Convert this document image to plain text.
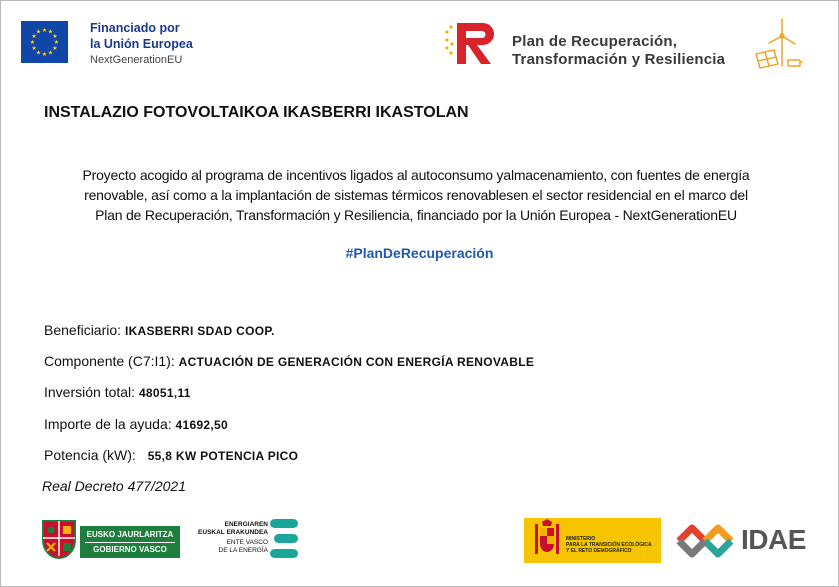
★ ★
★
★
★
★
★
★
★
★
★
★	Financiado por
la Unión Europea
NextGenerationEU
Plan de Recuperación,
Transformación y Resiliencia
INSTALAZIO FOTOVOLTAIKOA IKASBERRI IKASTOLAN
Proyecto acogido al programa de incentivos ligados al autoconsumo yalmacenamiento, con fuentes de energía
renovable, así como a la implantación de sistemas térmicos renovablesen el sector residencial en el marco del
Plan de Recuperación, Transformación y Resiliencia, financiado por la Unión Europea - NextGenerationEU
#PlanDeRecuperación
Beneficiario: IKASBERRI SDAD COOP.
Componente (C7:I1): ACTUACIÓN DE GENERACIÓN CON ENERGÍA RENOVABLE
Inversión total: 48051,11
Importe de la ayuda: 41692,50
Potencia (kW): 55,8 KW POTENCIA PICO
Real Decreto 477/2021
EUSKO JAURLARITZA
GOBIERNO VASCO
ENERGIAREN
EUSKAL ERAKUNDEA
ENTE VASCO
DE LA ENERGÍA
MINISTERIO
PARA LA TRANSICIÓN ECOLÓGICA
Y EL RETO DEMOGRÁFICO	IDAE
